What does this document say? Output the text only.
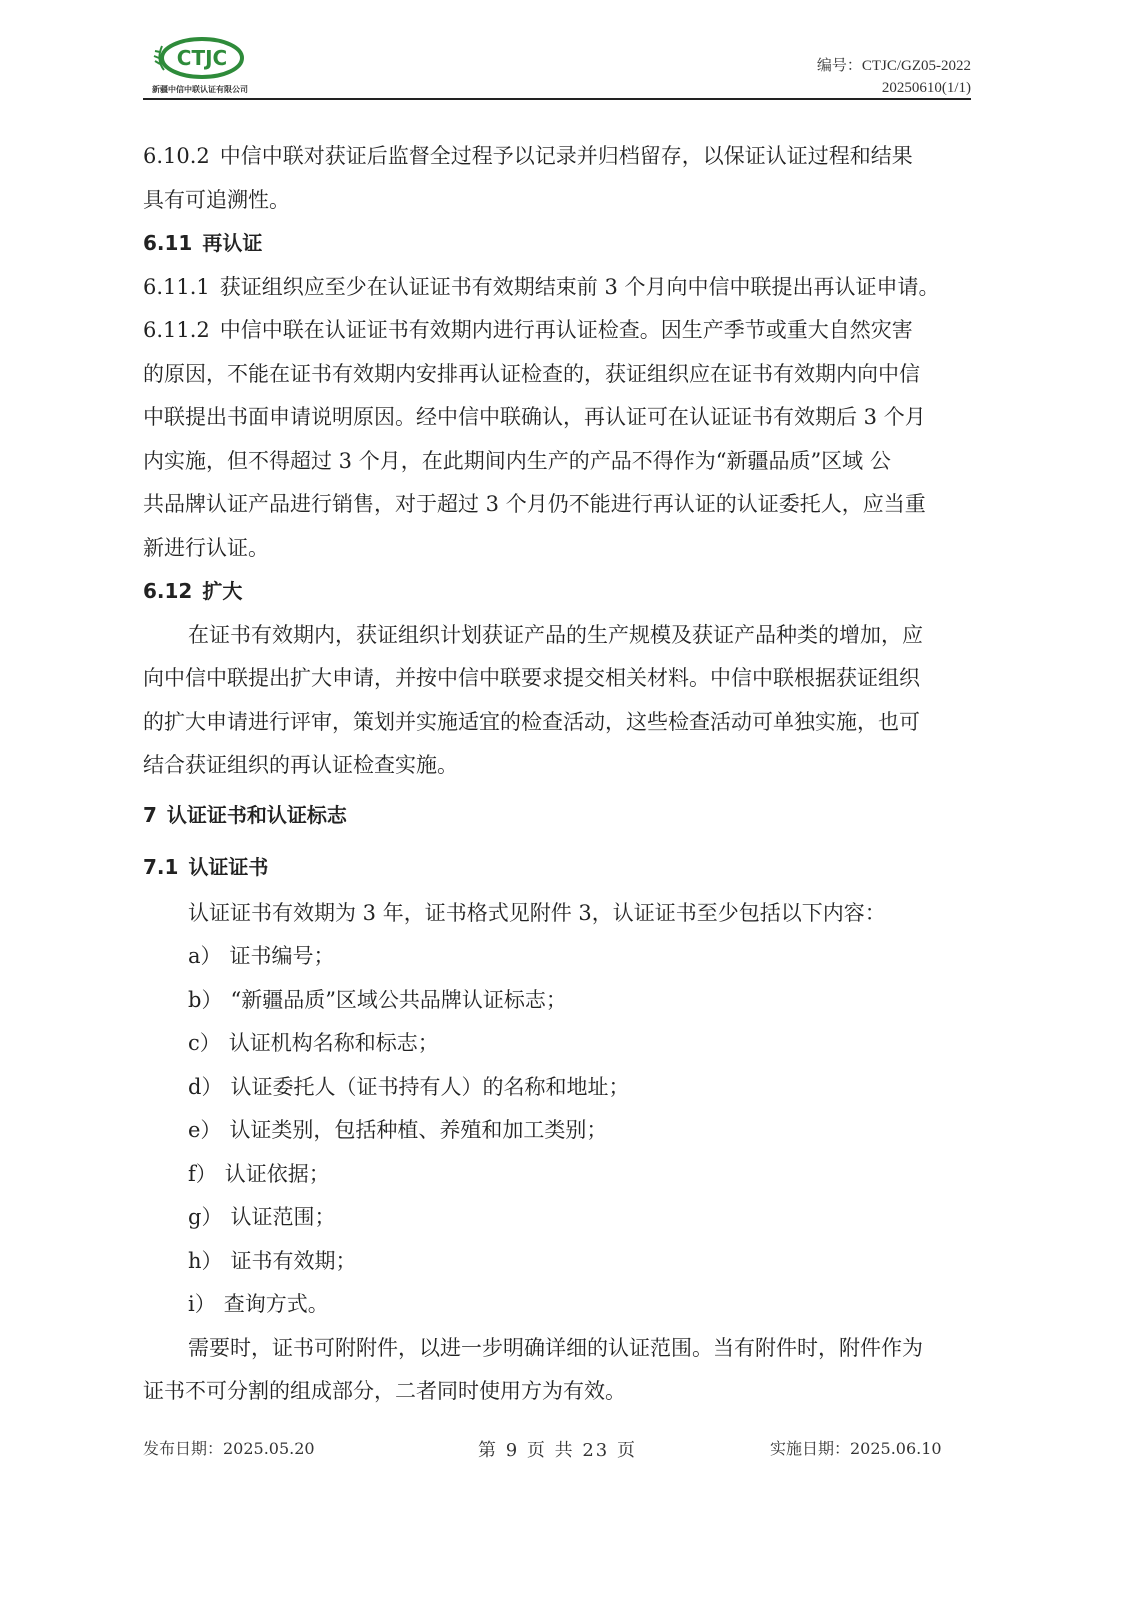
CTJC
新疆中信中联认证有限公司
编号：CTJC/GZ05-2022
20250610(1/1)
6.10.2 中信中联对获证后监督全过程予以记录并归档留存，以保证认证过程和结果
具有可追溯性。
6.11 再认证
6.11.1 获证组织应至少在认证证书有效期结束前 3 个月向中信中联提出再认证申请。
6.11.2 中信中联在认证证书有效期内进行再认证检查。因生产季节或重大自然灾害
的原因，不能在证书有效期内安排再认证检查的，获证组织应在证书有效期内向中信
中联提出书面申请说明原因。经中信中联确认，再认证可在认证证书有效期后 3 个月
内实施，但不得超过 3 个月，在此期间内生产的产品不得作为“新疆品质”区域 公
共品牌认证产品进行销售，对于超过 3 个月仍不能进行再认证的认证委托人，应当重
新进行认证。
6.12 扩大
在证书有效期内，获证组织计划获证产品的生产规模及获证产品种类的增加，应
向中信中联提出扩大申请，并按中信中联要求提交相关材料。中信中联根据获证组织
的扩大申请进行评审，策划并实施适宜的检查活动，这些检查活动可单独实施，也可
结合获证组织的再认证检查实施。
7 认证证书和认证标志
7.1 认证证书
认证证书有效期为 3 年，证书格式见附件 3，认证证书至少包括以下内容：
a） 证书编号；
b） “新疆品质”区域公共品牌认证标志；
c） 认证机构名称和标志；
d） 认证委托人（证书持有人）的名称和地址；
e） 认证类别，包括种植、养殖和加工类别；
f） 认证依据；
g） 认证范围；
h） 证书有效期；
i） 查询方式。
需要时，证书可附附件，以进一步明确详细的认证范围。当有附件时，附件作为
证书不可分割的组成部分，二者同时使用方为有效。
发布日期：2025.05.20	第 9 页 共 23 页	实施日期：2025.06.10
